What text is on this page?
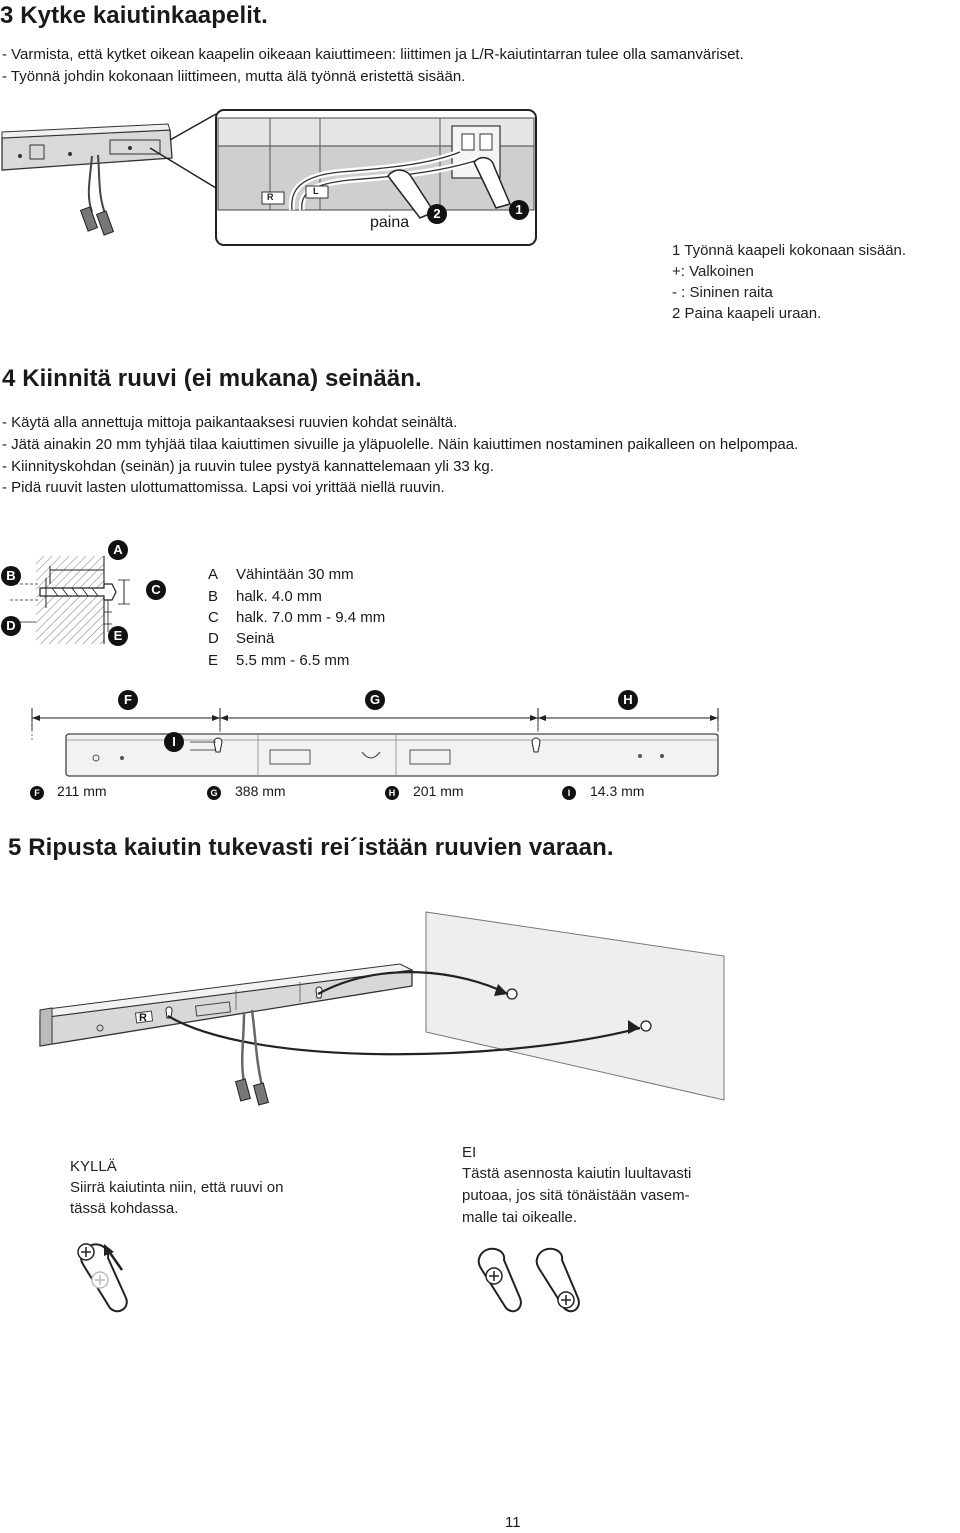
3 Kytke kaiutinkaapelit.
- Varmista, että kytket oikean kaapelin oikeaan kaiuttimeen: liittimen ja L/R-kaiutintarran tulee olla samanväriset.
- Työnnä johdin kokonaan liittimeen, mutta älä työnnä eristettä sisään.
R
L
paina
2	1
1 Työnnä kaapeli kokonaan sisään.
+: Valkoinen
- : Sininen raita
2 Paina kaapeli uraan.
4 Kiinnitä ruuvi (ei mukana) seinään.
- Käytä alla annettuja mittoja paikantaaksesi ruuvien kohdat seinältä.
- Jätä ainakin 20 mm tyhjää tilaa kaiuttimen sivuille ja yläpuolelle. Näin kaiuttimen nostaminen paikalleen on helpompaa.
- Kiinnityskohdan (seinän) ja ruuvin tulee pystyä kannattelemaan yli 33 kg.
- Pidä ruuvit lasten ulottumattomissa. Lapsi voi yrittää niellä ruuvin.
A
B
C
D
E
A Vähintään 30 mm
B halk. 4.0 mm
C halk. 7.0 mm - 9.4 mm
D Seinä
E 5.5 mm - 6.5 mm
F	G	H
I
F	211 mm	G 388 mm	H 201 mm	I	14.3 mm
5 Ripusta kaiutin tukevasti rei´istään ruuvien varaan.
R
KYLLÄ
Siirrä kaiutinta niin, että ruuvi on
tässä kohdassa.
EI
Tästä asennosta kaiutin luultavasti
putoaa, jos sitä tönäistään vasem-
malle tai oikealle.
11
